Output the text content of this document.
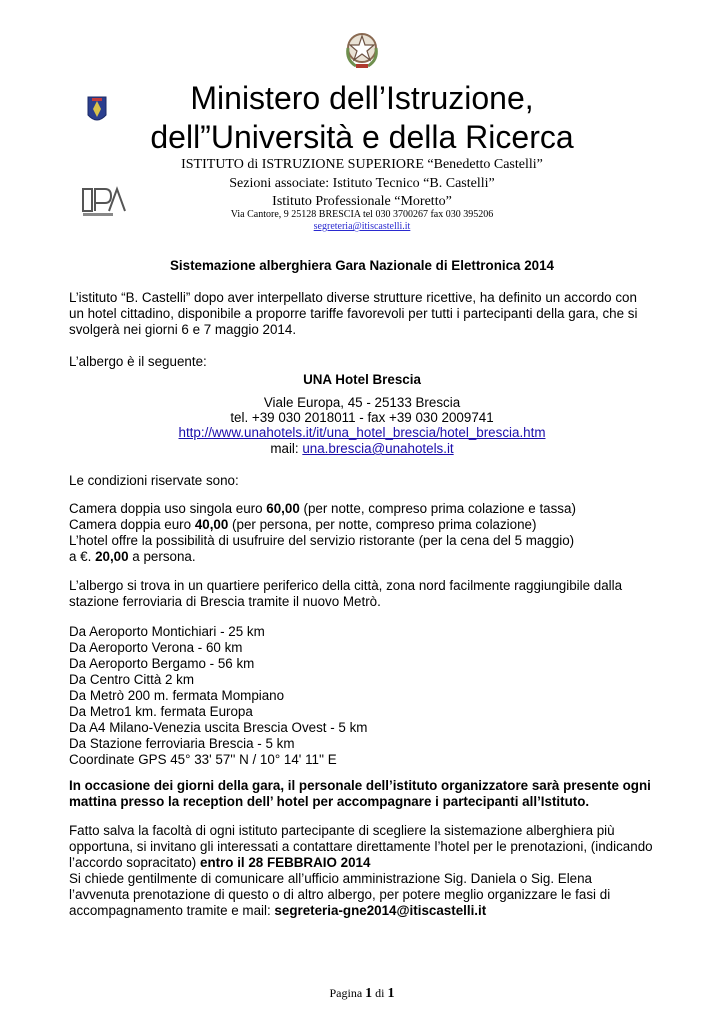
Ministero dell’Istruzione,
dell”Università e della Ricerca
ISTITUTO di ISTRUZIONE SUPERIORE “Benedetto Castelli”
Sezioni associate: Istituto Tecnico “B. Castelli”
Istituto Professionale “Moretto”
Via Cantore, 9 25128 BRESCIA tel 030 3700267 fax 030 395206
segreteria@itiscastelli.it
Sistemazione alberghiera Gara Nazionale di Elettronica 2014
L’istituto “B. Castelli” dopo aver interpellato diverse strutture ricettive, ha definito un accordo con
un hotel cittadino, disponibile a proporre tariffe favorevoli per tutti i partecipanti della gara, che si
svolgerà nei giorni 6 e 7 maggio 2014.
L’albergo è il seguente:
UNA Hotel Brescia
Viale Europa, 45 - 25133 Brescia
tel. +39 030 2018011 - fax +39 030 2009741
http://www.unahotels.it/it/una_hotel_brescia/hotel_brescia.htm
mail: una.brescia@unahotels.it
Le condizioni riservate sono:
Camera doppia uso singola euro 60,00 (per notte, compreso prima colazione e tassa)
Camera doppia euro 40,00 (per persona, per notte, compreso prima colazione)
L’hotel offre la possibilità di usufruire del servizio ristorante (per la cena del 5 maggio)
a €. 20,00 a persona.
L’albergo si trova in un quartiere periferico della città, zona nord facilmente raggiungibile dalla
stazione ferroviaria di Brescia tramite il nuovo Metrò.
Da Aeroporto Montichiari - 25 km
Da Aeroporto Verona - 60 km
Da Aeroporto Bergamo - 56 km
Da Centro Città 2 km
Da Metrò 200 m. fermata Mompiano
Da Metro1 km. fermata Europa
Da A4 Milano-Venezia uscita Brescia Ovest - 5 km
Da Stazione ferroviaria Brescia - 5 km
Coordinate GPS 45° 33' 57'' N / 10° 14' 11'' E
In occasione dei giorni della gara, il personale dell’istituto organizzatore sarà presente ogni
mattina presso la reception dell’ hotel per accompagnare i partecipanti all’Istituto.
Fatto salva la facoltà di ogni istituto partecipante di scegliere la sistemazione alberghiera più
opportuna, si invitano gli interessati a contattare direttamente l’hotel per le prenotazioni, (indicando
l’accordo sopracitato) entro il 28 FEBBRAIO 2014
Si chiede gentilmente di comunicare all’ufficio amministrazione Sig. Daniela o Sig. Elena
l’avvenuta prenotazione di questo o di altro albergo, per potere meglio organizzare le fasi di
accompagnamento tramite e mail: segreteria-gne2014@itiscastelli.it
Pagina 1 di 1
